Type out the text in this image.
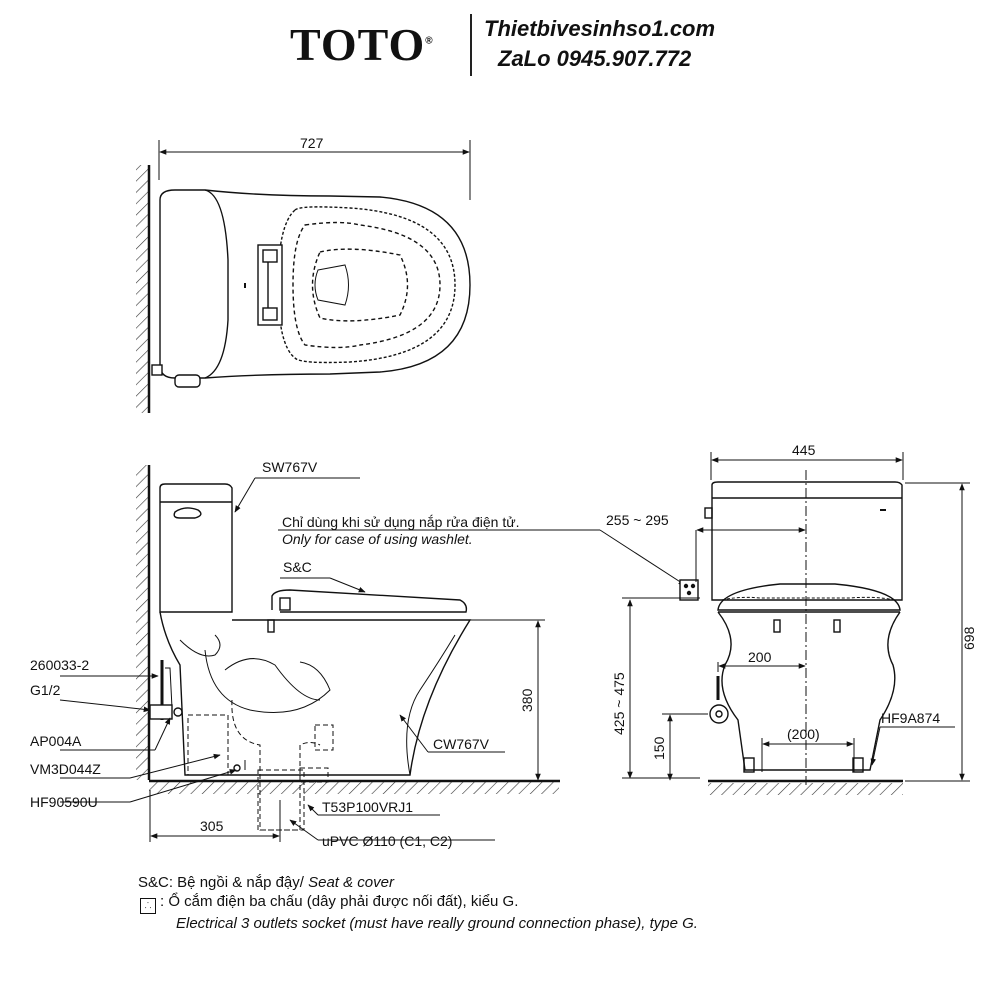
TOTO®
Thietbivesinhso1.com
ZaLo 0945.907.772
727
SW767V
Chỉ dùng khi sử dụng nắp rửa điện tử.
Only for case of using washlet.
S&C
260033-2
G1/2
AP004A
VM3D044Z
HF90590U
CW767V
T53P100VRJ1
uPVC Ø110 (C1, C2)
380
305
445
255 ~ 295
425 ~ 475
698
200
(200)
150
HF9A874
S&C: Bệ ngồi & nắp đậy/ Seat & cover
⸫ : Ổ cắm điện ba chấu (dây phải được nối đất), kiểu G.
Electrical 3 outlets socket (must have really ground connection phase), type G.
